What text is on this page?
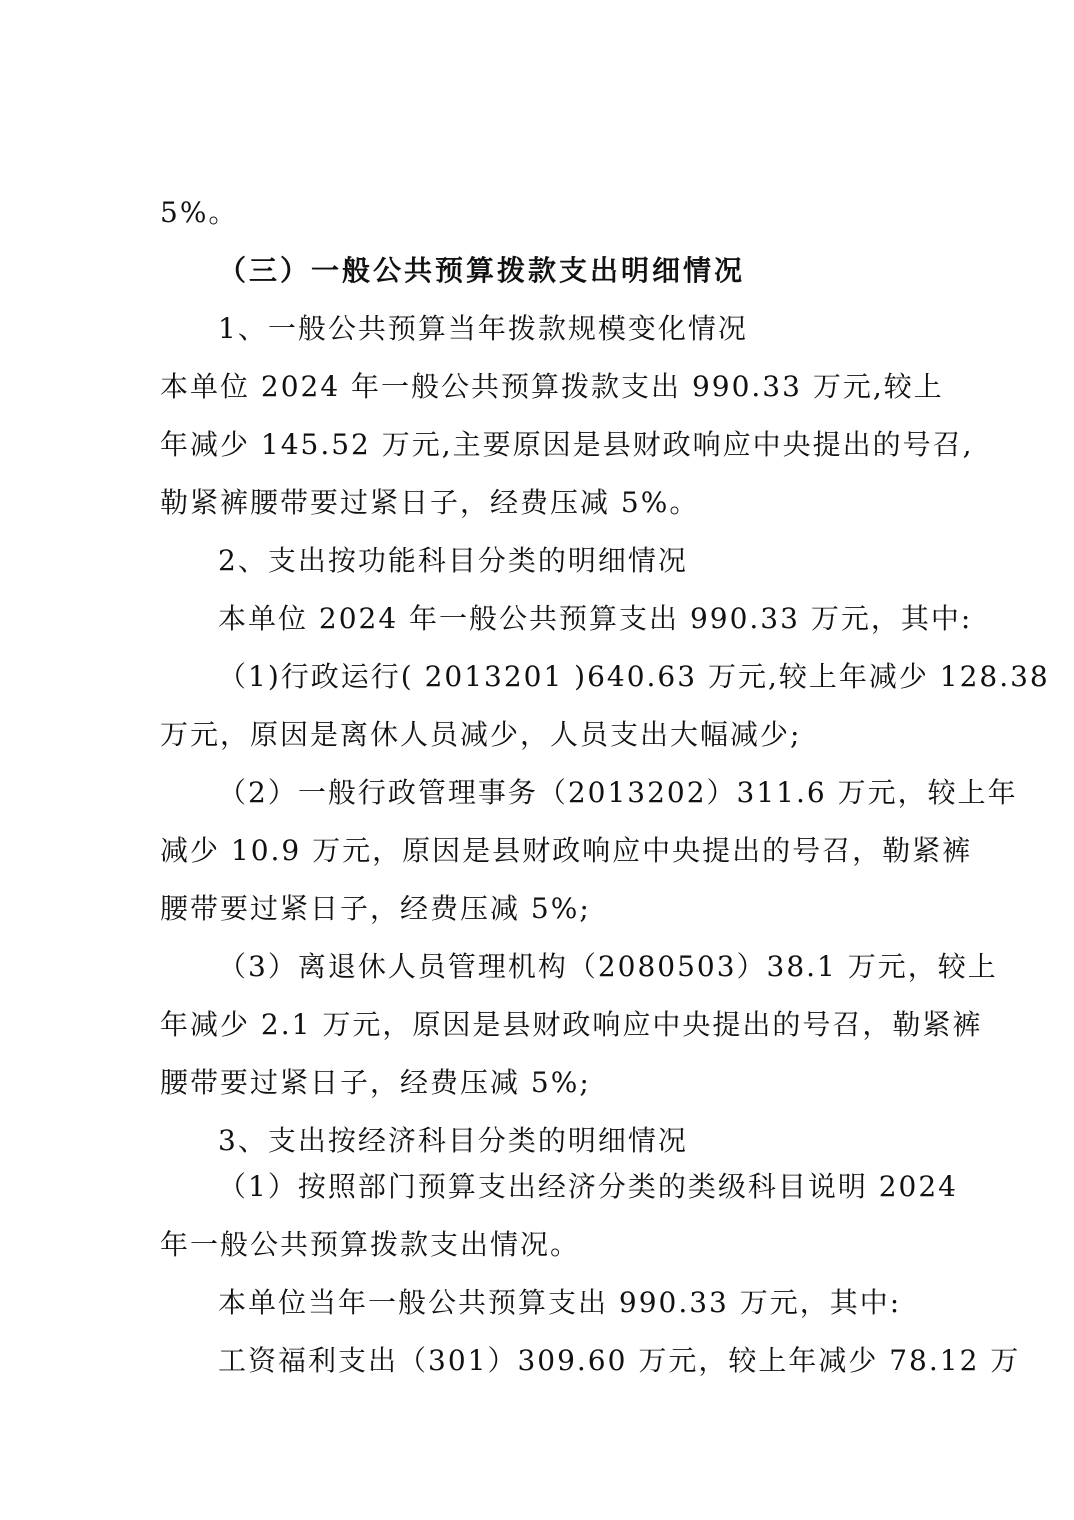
5%。
（三）一般公共预算拨款支出明细情况
1、一般公共预算当年拨款规模变化情况
本单位 2024 年一般公共预算拨款支出 990.33 万元,较上
年减少 145.52 万元,主要原因是县财政响应中央提出的号召,
勒紧裤腰带要过紧日子，经费压减 5%。
2、支出按功能科目分类的明细情况
本单位 2024 年一般公共预算支出 990.33 万元，其中:
（1)行政运行( 2013201 )640.63 万元,较上年减少 128.38
万元，原因是离休人员减少，人员支出大幅减少;
（2）一般行政管理事务（2013202）311.6 万元，较上年
减少 10.9 万元，原因是县财政响应中央提出的号召，勒紧裤
腰带要过紧日子，经费压减 5%;
（3）离退休人员管理机构（2080503）38.1 万元，较上
年减少 2.1 万元，原因是县财政响应中央提出的号召，勒紧裤
腰带要过紧日子，经费压减 5%;
3、支出按经济科目分类的明细情况
（1）按照部门预算支出经济分类的类级科目说明 2024
年一般公共预算拨款支出情况。
本单位当年一般公共预算支出 990.33 万元，其中:
工资福利支出（301）309.60 万元，较上年减少 78.12 万
